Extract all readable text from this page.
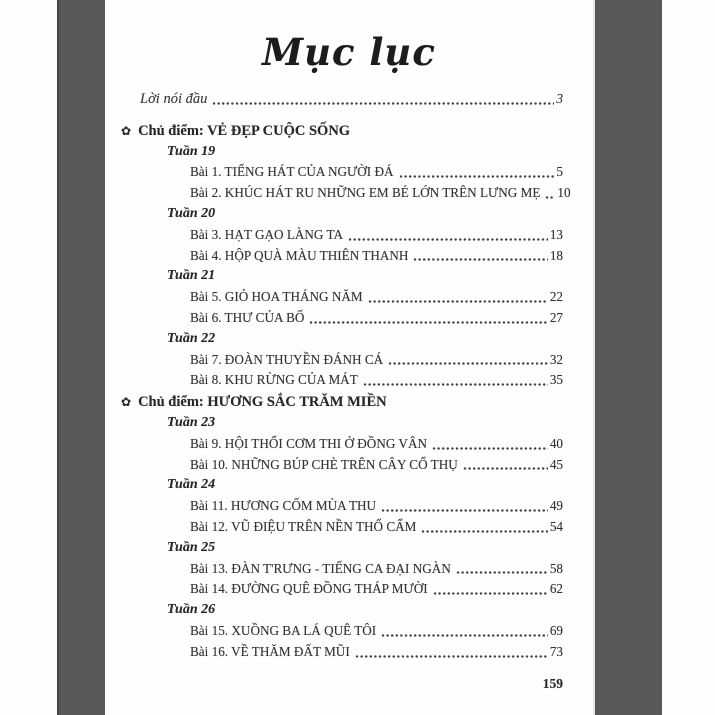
Mục lục
Lời nói đầu	3
✿ Chủ điểm: VẺ ĐẸP CUỘC SỐNG
Tuần 19
Bài 1. TIẾNG HÁT CỦA NGƯỜI ĐÁ	5
Bài 2. KHÚC HÁT RU NHỮNG EM BÉ LỚN TRÊN LƯNG MẸ 10
Tuần 20
Bài 3. HẠT GẠO LÀNG TA	13
Bài 4. HỘP QUÀ MÀU THIÊN THANH	18
Tuần 21
Bài 5. GIỎ HOA THÁNG NĂM	22
Bài 6. THƯ CỦA BỐ	27
Tuần 22
Bài 7. ĐOÀN THUYỀN ĐÁNH CÁ	32
Bài 8. KHU RỪNG CỦA MÁT	35
✿ Chủ điểm: HƯƠNG SẮC TRĂM MIỀN
Tuần 23
Bài 9. HỘI THỔI CƠM THI Ở ĐỒNG VÂN	40
Bài 10. NHỮNG BÚP CHÈ TRÊN CÂY CỔ THỤ	45
Tuần 24
Bài 11. HƯƠNG CỐM MÙA THU	49
Bài 12. VŨ ĐIỆU TRÊN NỀN THỔ CẨM	54
Tuần 25
Bài 13. ĐÀN T'RƯNG - TIẾNG CA ĐẠI NGÀN	58
Bài 14. ĐƯỜNG QUÊ ĐỒNG THÁP MƯỜI	62
Tuần 26
Bài 15. XUỒNG BA LÁ QUÊ TÔI	69
Bài 16. VỀ THĂM ĐẤT MŨI	73
159
